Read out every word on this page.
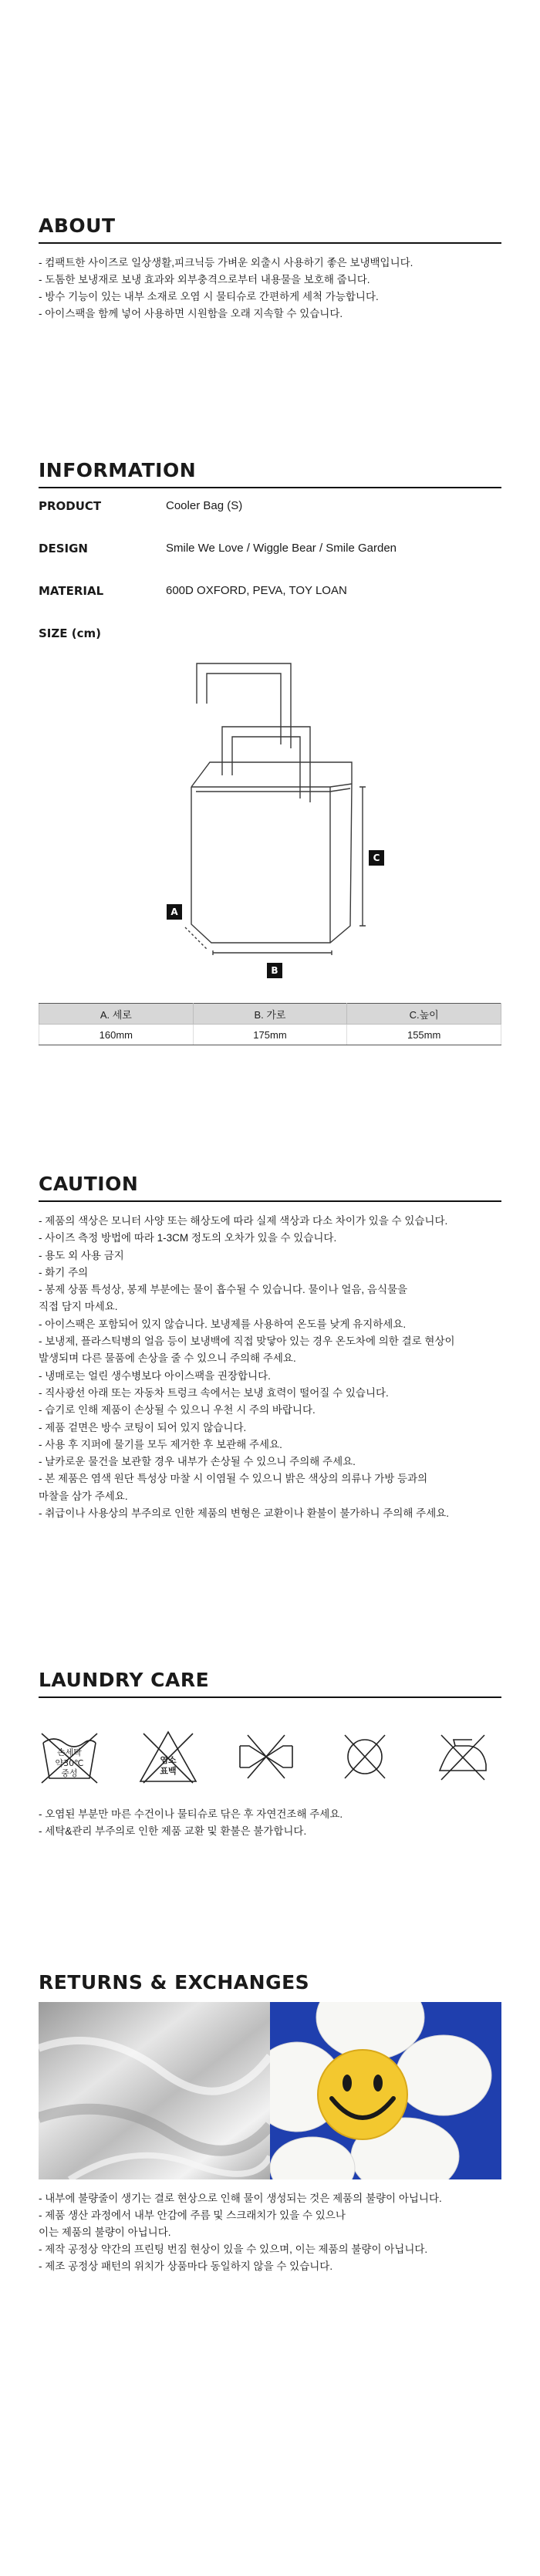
ABOUT
- 컴팩트한 사이즈로 일상생활,피크닉등 가벼운 외출시 사용하기 좋은 보냉백입니다.
- 도톰한 보냉재로 보냉 효과와 외부충격으로부터 내용물을 보호해 줍니다.
- 방수 기능이 있는 내부 소재로 오염 시 물티슈로 간편하게 세척 가능합니다.
- 아이스팩을 함께 넣어 사용하면 시원함을 오래 지속할 수 있습니다.
INFORMATION
PRODUCT	Cooler Bag (S)
DESIGN	Smile We Love / Wiggle Bear / Smile Garden
MATERIAL	600D OXFORD, PEVA, TOY LOAN
SIZE (cm)
A
B
C
A. 세로	B. 가로	C.높이
160mm	175mm	155mm
CAUTION
- 제품의 색상은 모니터 사양 또는 해상도에 따라 실제 색상과 다소 차이가 있을 수 있습니다.
- 사이즈 측정 방법에 따라 1-3CM 정도의 오차가 있을 수 있습니다.
- 용도 외 사용 금지
- 화기 주의
- 봉제 상품 특성상, 봉제 부분에는 물이 흡수될 수 있습니다. 물이나 얼음, 음식물을
직접 담지 마세요.
- 아이스팩은 포함되어 있지 않습니다. 보냉제를 사용하여 온도를 낮게 유지하세요.
- 보냉제, 플라스틱병의 얼음 등이 보냉백에 직접 맞닿아 있는 경우 온도차에 의한 결로 현상이
발생되며 다른 물품에 손상을 줄 수 있으니 주의해 주세요.
- 냉매로는 얼린 생수병보다 아이스팩을 권장합니다.
- 직사광선 아래 또는 자동차 트렁크 속에서는 보냉 효력이 떨어질 수 있습니다.
- 습기로 인해 제품이 손상될 수 있으니 우천 시 주의 바랍니다.
- 제품 겉면은 방수 코팅이 되어 있지 않습니다.
- 사용 후 지퍼에 물기를 모두 제거한 후 보관해 주세요.
- 날카로운 물건을 보관할 경우 내부가 손상될 수 있으니 주의해 주세요.
- 본 제품은 염색 원단 특성상 마찰 시 이염될 수 있으니 밝은 색상의 의류나 가방 등과의
마찰을 삼가 주세요.
- 취급이나 사용상의 부주의로 인한 제품의 변형은 교환이나 환불이 불가하니 주의해 주세요.
LAUNDRY CARE
손세탁
약30℃
중성
염소
표백
- 오염된 부분만 마른 수건이나 물티슈로 닦은 후 자연건조해 주세요.
- 세탁&관리 부주의로 인한 제품 교환 및 환불은 불가합니다.
RETURNS & EXCHANGES
- 내부에 불량줄이 생기는 결로 현상으로 인해 물이 생성되는 것은 제품의 불량이 아닙니다.
- 제품 생산 과정에서 내부 안감에 주름 및 스크래치가 있을 수 있으나
이는 제품의 불량이 아닙니다.
- 제작 공정상 약간의 프린팅 번짐 현상이 있을 수 있으며, 이는 제품의 불량이 아닙니다.
- 제조 공정상 패턴의 위치가 상품마다 동일하지 않을 수 있습니다.
